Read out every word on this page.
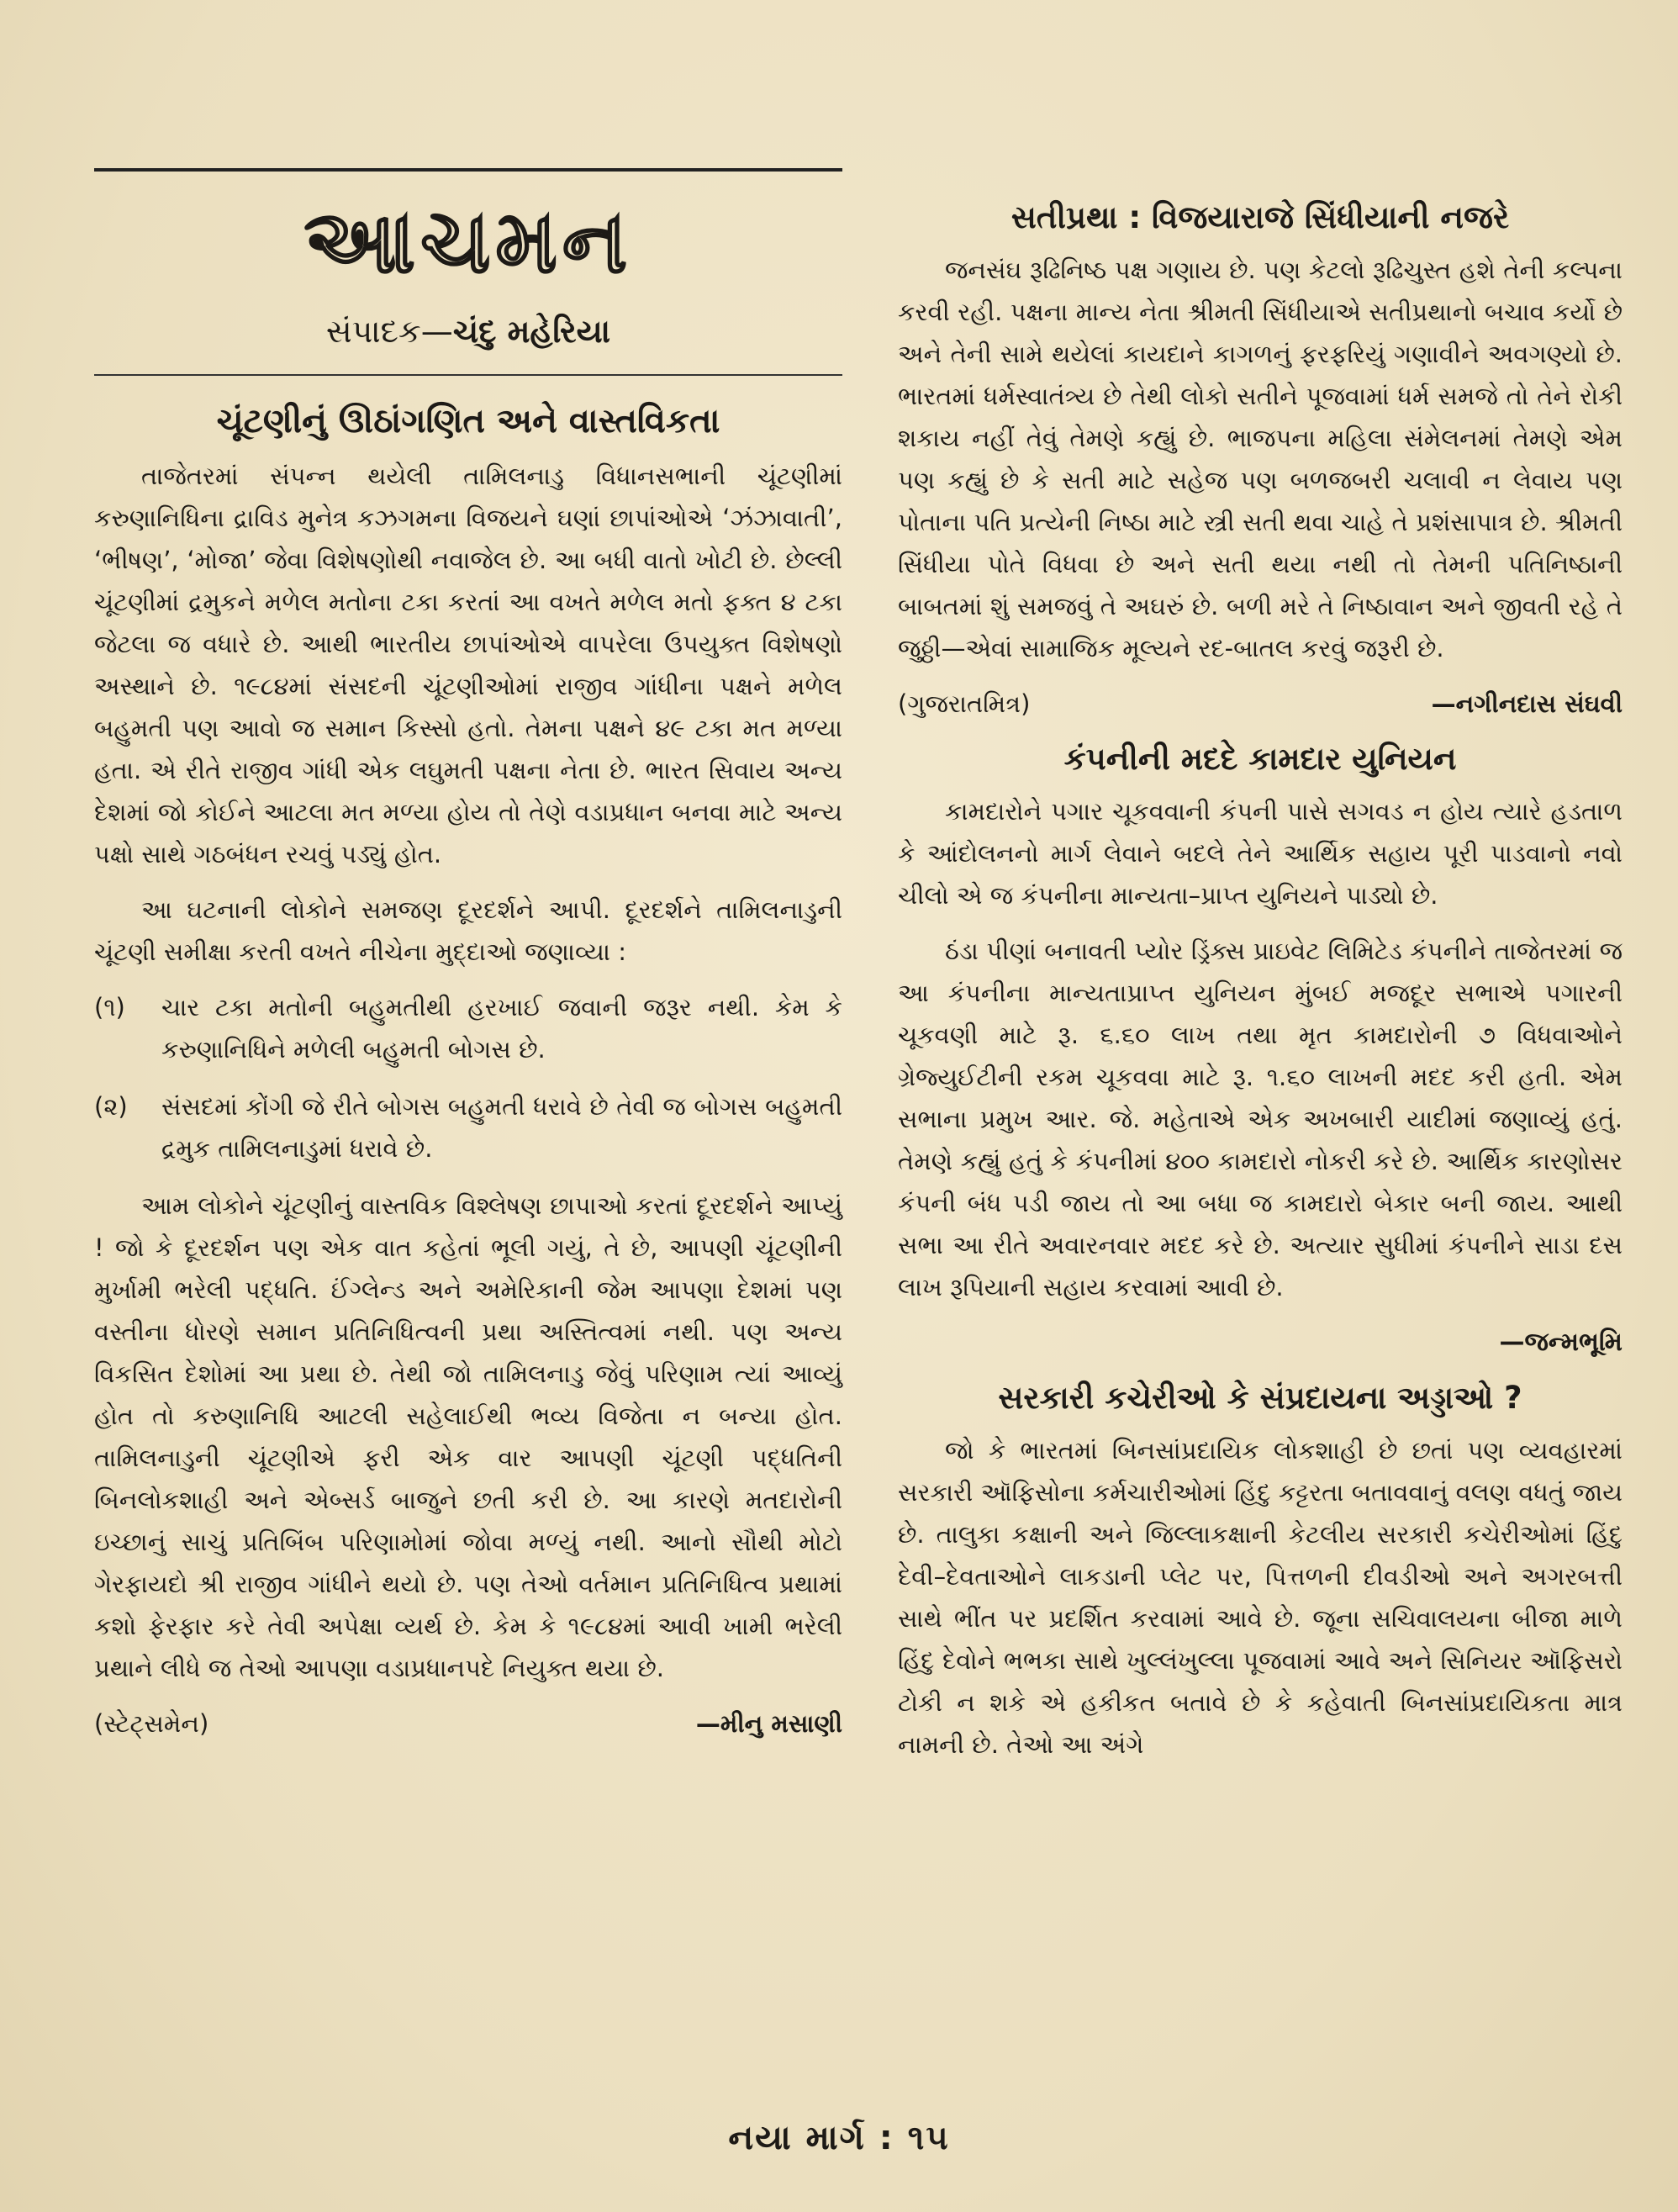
આચમન
સંપાદક—ચંદુ મહેરિયા
ચૂંટણીનું ઊઠાંગણિત અને વાસ્તવિકતા

તાજેતરમાં સંપન્ન થયેલી તામિલનાડુ વિધાનસભાની ચૂંટણીમાં કરુણાનિધિના દ્રાવિડ મુનેત્ર કઝગમના વિજયને ઘણાં છાપાંઓએ ‘ઝંઝાવાતી’, ‘ભીષણ’, ‘મોજા’ જેવા વિશેષણોથી નવાજેલ છે. આ બધી વાતો ખોટી છે. છેલ્લી ચૂંટણીમાં દ્રમુકને મળેલ મતોના ટકા કરતાં આ વખતે મળેલ મતો ફક્ત ૪ ટકા જેટલા જ વધારે છે. આથી ભારતીય છાપાંઓએ વાપરેલા ઉપયુક્ત વિશેષણો અસ્થાને છે. ૧૯૮૪માં સંસદની ચૂંટણીઓમાં રાજીવ ગાંધીના પક્ષને મળેલ બહુમતી પણ આવો જ સમાન કિસ્સો હતો. તેમના પક્ષને ૪૯ ટકા મત મળ્યા હતા. એ રીતે રાજીવ ગાંધી એક લઘુમતી પક્ષના નેતા છે. ભારત સિવાય અન્ય દેશમાં જો કોઈને આટલા મત મળ્યા હોય તો તેણે વડાપ્રધાન બનવા માટે અન્ય પક્ષો સાથે ગઠબંધન રચવું પડ્યું હોત.

આ ઘટનાની લોકોને સમજણ દૂરદર્શને આપી. દૂરદર્શને તામિલનાડુની ચૂંટણી સમીક્ષા કરતી વખતે નીચેના મુદ્દાઓ જણાવ્યા :

(૧)	ચાર ટકા મતોની બહુમતીથી હરખાઈ જવાની જરૂર નથી. કેમ કે કરુણાનિધિને મળેલી બહુમતી બોગસ છે.
(૨)	સંસદમાં કોંગી જે રીતે બોગસ બહુમતી ધરાવે છે તેવી જ બોગસ બહુમતી દ્રમુક તામિલનાડુમાં ધરાવે છે.

આમ લોકોને ચૂંટણીનું વાસ્તવિક વિશ્લેષણ છાપાઓ કરતાં દૂરદર્શને આપ્યું ! જો કે દૂરદર્શન પણ એક વાત કહેતાં ભૂલી ગયું, તે છે, આપણી ચૂંટણીની મુર્ખામી ભરેલી પદ્ધતિ. ઈંગ્લેન્ડ અને અમેરિકાની જેમ આપણા દેશમાં પણ વસ્તીના ધોરણે સમાન પ્રતિનિધિત્વની પ્રથા અસ્તિત્વમાં નથી. પણ અન્ય વિકસિત દેશોમાં આ પ્રથા છે. તેથી જો તામિલનાડુ જેવું પરિણામ ત્યાં આવ્યું હોત તો કરુણાનિધિ આટલી સહેલાઈથી ભવ્ય વિજેતા ન બન્યા હોત. તામિલનાડુની ચૂંટણીએ ફરી એક વાર આપણી ચૂંટણી પદ્ધતિની બિનલોકશાહી અને એબ્સર્ડ બાજુને છતી કરી છે. આ કારણે મતદારોની ઇચ્છાનું સાચું પ્રતિબિંબ પરિણામોમાં જોવા મળ્યું નથી. આનો સૌથી મોટો ગેરફાયદો શ્રી રાજીવ ગાંધીને થયો છે. પણ તેઓ વર્તમાન પ્રતિનિધિત્વ પ્રથામાં કશો ફેરફાર કરે તેવી અપેક્ષા વ્યર્થ છે. કેમ કે ૧૯૮૪માં આવી ખામી ભરેલી પ્રથાને લીધે જ તેઓ આપણા વડાપ્રધાનપદે નિયુક્ત થયા છે.

(સ્ટેટ્સમેન)	—મીનુ મસાણી
સતીપ્રથા : વિજયારાજે સિંધીયાની નજરે

જનસંઘ રૂઢિનિષ્ઠ પક્ષ ગણાય છે. પણ કેટલો રૂઢિચુસ્ત હશે તેની કલ્પના કરવી રહી. પક્ષના માન્ય નેતા શ્રીમતી સિંધીયાએ સતીપ્રથાનો બચાવ કર્યો છે અને તેની સામે થયેલાં કાયદાને કાગળનું ફરફરિયું ગણાવીને અવગણ્યો છે. ભારતમાં ધર્મસ્વાતંત્ર્ય છે તેથી લોકો સતીને પૂજવામાં ધર્મ સમજે તો તેને રોકી શકાય નહીં તેવું તેમણે કહ્યું છે. ભાજપના મહિલા સંમેલનમાં તેમણે એમ પણ કહ્યું છે કે સતી માટે સહેજ પણ બળજબરી ચલાવી ન લેવાય પણ પોતાના પતિ પ્રત્યેની નિષ્ઠા માટે સ્ત્રી સતી થવા ચાહે તે પ્રશંસાપાત્ર છે. શ્રીમતી સિંધીયા પોતે વિધવા છે અને સતી થયા નથી તો તેમની પતિનિષ્ઠાની બાબતમાં શું સમજવું તે અઘરું છે. બળી મરે તે નિષ્ઠાવાન અને જીવતી રહે તે જુઠ્ઠી—એવાં સામાજિક મૂલ્યને રદ-બાતલ કરવું જરૂરી છે.

(ગુજરાતમિત્ર)	—નગીનદાસ સંઘવી
કંપનીની મદદે કામદાર યુનિયન

કામદારોને પગાર ચૂકવવાની કંપની પાસે સગવડ ન હોય ત્યારે હડતાળ કે આંદોલનનો માર્ગ લેવાને બદલે તેને આર્થિક સહાય પૂરી પાડવાનો નવો ચીલો એ જ કંપનીના માન્યતા–પ્રાપ્ત યુનિયને પાડ્યો છે.

ઠંડા પીણાં બનાવતી પ્યોર ડ્રિંક્સ પ્રાઇવેટ લિમિટેડ કંપનીને તાજેતરમાં જ આ કંપનીના માન્યતાપ્રાપ્ત યુનિયન મુંબઈ મજદૂર સભાએ પગારની ચૂકવણી માટે રૂ. ૬.૬૦ લાખ તથા મૃત કામદારોની ૭ વિધવાઓને ગ્રેજ્યુઈટીની રકમ ચૂકવવા માટે રૂ. ૧.૬૦ લાખની મદદ કરી હતી. એમ સભાના પ્રમુખ આર. જે. મહેતાએ એક અખબારી યાદીમાં જણાવ્યું હતું. તેમણે કહ્યું હતું કે કંપનીમાં ૪૦૦ કામદારો નોકરી કરે છે. આર્થિક કારણોસર કંપની બંધ પડી જાય તો આ બધા જ કામદારો બેકાર બની જાય. આથી સભા આ રીતે અવારનવાર મદદ કરે છે. અત્યાર સુધીમાં કંપનીને સાડા દસ લાખ રૂપિયાની સહાય કરવામાં આવી છે.

—જન્મભૂમિ
સરકારી કચેરીઓ કે સંપ્રદાયના અડ્ડાઓ ?

જો કે ભારતમાં બિનસાંપ્રદાયિક લોકશાહી છે છતાં પણ વ્યવહારમાં સરકારી ઑફિસોના કર્મચારીઓમાં હિંદુ કટ્ટરતા બતાવવાનું વલણ વધતું જાય છે. તાલુકા કક્ષાની અને જિલ્લાકક્ષાની કેટલીય સરકારી કચેરીઓમાં હિંદુ દેવી–દેવતાઓને લાકડાની પ્લેટ પર, પિત્તળની દીવડીઓ અને અગરબત્તી સાથે ભીંત પર પ્રદર્શિત કરવામાં આવે છે. જૂના સચિવાલયના બીજા માળે હિંદુ દેવોને ભભકા સાથે ખુલ્લંખુલ્લા પૂજવામાં આવે અને સિનિયર ઑફિસરો ટોકી ન શકે એ હકીકત બતાવે છે કે કહેવાતી બિનસાંપ્રદાયિકતા માત્ર નામની છે. તેઓ આ અંગે

નયા માર્ગ : ૧૫
